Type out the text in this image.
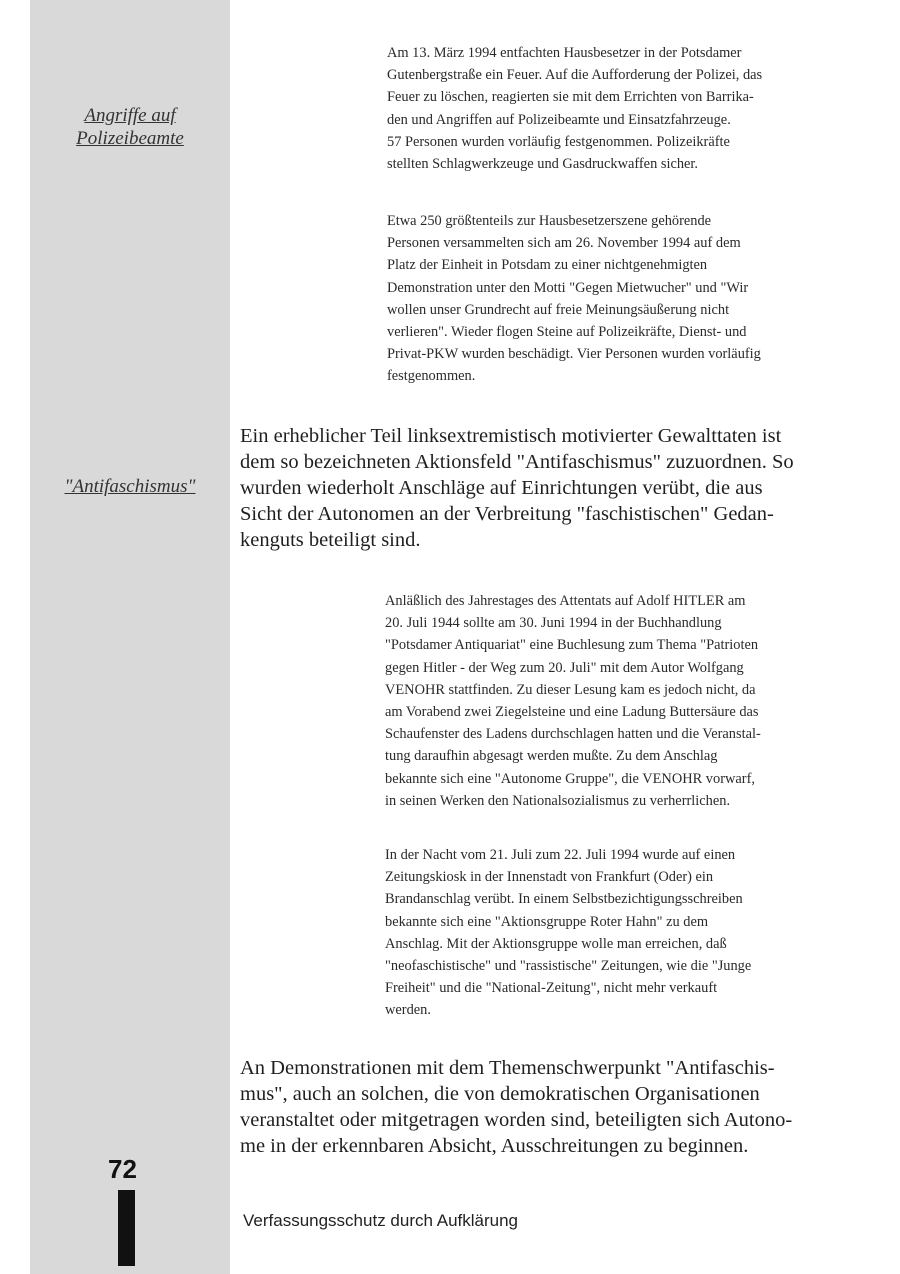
Angriffe auf
Polizeibeamte
"Antifaschismus"
Am 13. März 1994 entfachten Hausbesetzer in der Potsdamer
Gutenbergstraße ein Feuer. Auf die Aufforderung der Polizei, das
Feuer zu löschen, reagierten sie mit dem Errichten von Barrika-
den und Angriffen auf Polizeibeamte und Einsatzfahrzeuge.
57 Personen wurden vorläufig festgenommen. Polizeikräfte
stellten Schlagwerkzeuge und Gasdruckwaffen sicher.
Etwa 250 größtenteils zur Hausbesetzerszene gehörende
Personen versammelten sich am 26. November 1994 auf dem
Platz der Einheit in Potsdam zu einer nichtgenehmigten
Demonstration unter den Motti "Gegen Mietwucher" und "Wir
wollen unser Grundrecht auf freie Meinungsäußerung nicht
verlieren". Wieder flogen Steine auf Polizeikräfte, Dienst- und
Privat-PKW wurden beschädigt. Vier Personen wurden vorläufig
festgenommen.
Ein erheblicher Teil linksextremistisch motivierter Gewalttaten ist
dem so bezeichneten Aktionsfeld "Antifaschismus" zuzuordnen. So
wurden wiederholt Anschläge auf Einrichtungen verübt, die aus
Sicht der Autonomen an der Verbreitung "faschistischen" Gedan-
kenguts beteiligt sind.
Anläßlich des Jahrestages des Attentats auf Adolf HITLER am
20. Juli 1944 sollte am 30. Juni 1994 in der Buchhandlung
"Potsdamer Antiquariat" eine Buchlesung zum Thema "Patrioten
gegen Hitler - der Weg zum 20. Juli" mit dem Autor Wolfgang
VENOHR stattfinden. Zu dieser Lesung kam es jedoch nicht, da
am Vorabend zwei Ziegelsteine und eine Ladung Buttersäure das
Schaufenster des Ladens durchschlagen hatten und die Veranstal-
tung daraufhin abgesagt werden mußte. Zu dem Anschlag
bekannte sich eine "Autonome Gruppe", die VENOHR vorwarf,
in seinen Werken den Nationalsozialismus zu verherrlichen.
In der Nacht vom 21. Juli zum 22. Juli 1994 wurde auf einen
Zeitungskiosk in der Innenstadt von Frankfurt (Oder) ein
Brandanschlag verübt. In einem Selbstbezichtigungsschreiben
bekannte sich eine "Aktionsgruppe Roter Hahn" zu dem
Anschlag. Mit der Aktionsgruppe wolle man erreichen, daß
"neofaschistische" und "rassistische" Zeitungen, wie die "Junge
Freiheit" und die "National-Zeitung", nicht mehr verkauft
werden.
An Demonstrationen mit dem Themenschwerpunkt "Antifaschis-
mus", auch an solchen, die von demokratischen Organisationen
veranstaltet oder mitgetragen worden sind, beteiligten sich Autono-
me in der erkennbaren Absicht, Ausschreitungen zu beginnen.
72
Verfassungsschutz durch Aufklärung
